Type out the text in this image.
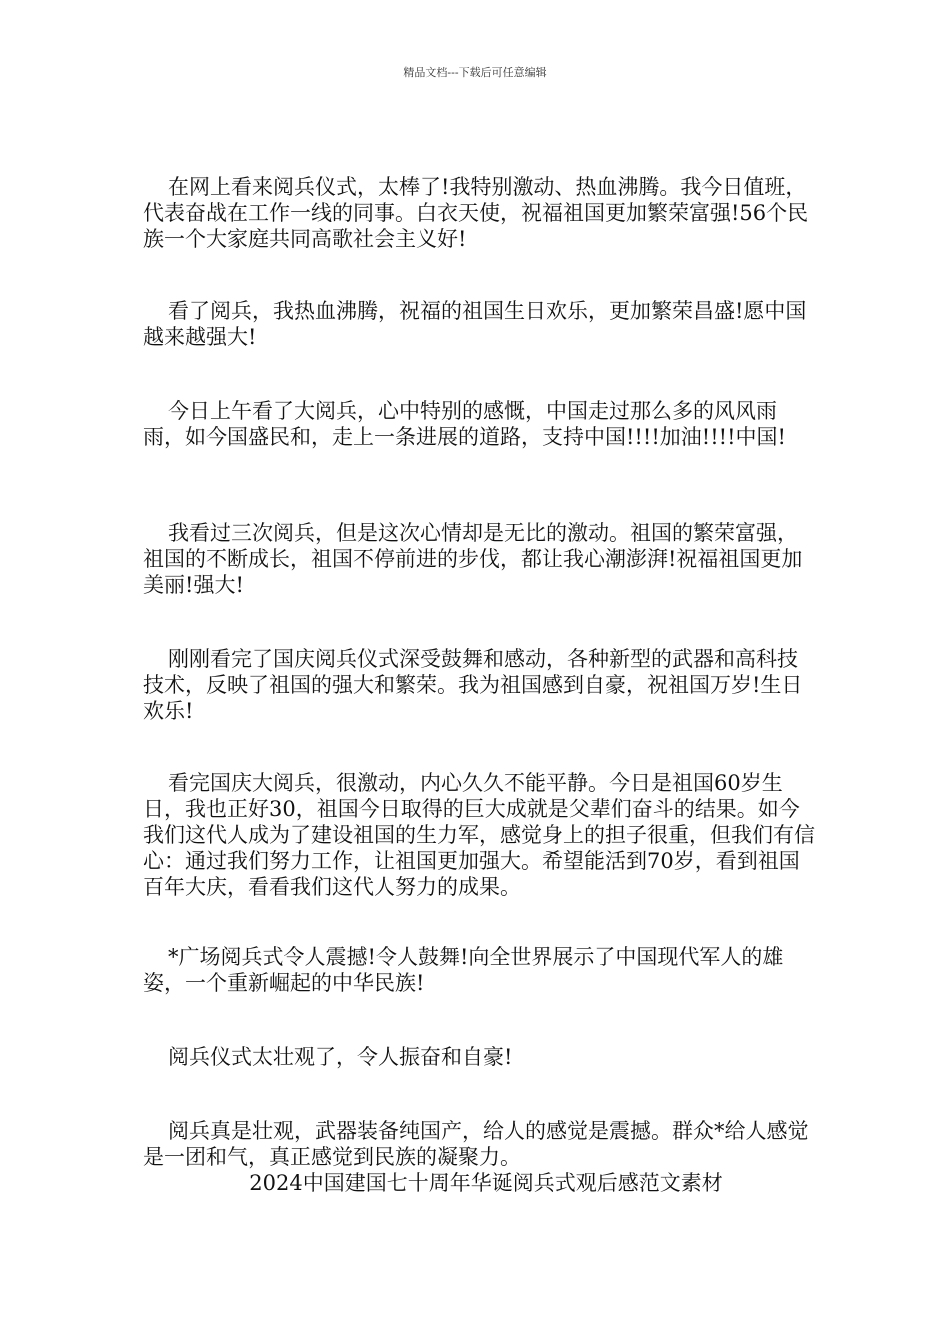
精品文档---下载后可任意编辑

在网上看来阅兵仪式，太棒了!我特别激动、热血沸腾。我今日值班，代表奋战在工作一线的同事。白衣天使，祝福祖国更加繁荣富强!56个民族一个大家庭共同高歌社会主义好!

看了阅兵，我热血沸腾，祝福的祖国生日欢乐，更加繁荣昌盛!愿中国越来越强大!

今日上午看了大阅兵，心中特别的感慨，中国走过那么多的风风雨雨，如今国盛民和，走上一条进展的道路，支持中国!!!!加油!!!!中国!

我看过三次阅兵，但是这次心情却是无比的激动。祖国的繁荣富强，祖国的不断成长，祖国不停前进的步伐，都让我心潮澎湃!祝福祖国更加美丽!强大!

刚刚看完了国庆阅兵仪式深受鼓舞和感动，各种新型的武器和高科技技术，反映了祖国的强大和繁荣。我为祖国感到自豪，祝祖国万岁!生日欢乐!

看完国庆大阅兵，很激动，内心久久不能平静。今日是祖国60岁生日，我也正好30，祖国今日取得的巨大成就是父辈们奋斗的结果。如今我们这代人成为了建设祖国的生力军，感觉身上的担子很重，但我们有信心：通过我们努力工作，让祖国更加强大。希望能活到70岁，看到祖国百年大庆，看看我们这代人努力的成果。

*广场阅兵式令人震撼!令人鼓舞!向全世界展示了中国现代军人的雄姿，一个重新崛起的中华民族!

阅兵仪式太壮观了，令人振奋和自豪!

阅兵真是壮观，武器装备纯国产，给人的感觉是震撼。群众*给人感觉是一团和气，真正感觉到民族的凝聚力。

2024中国建国七十周年华诞阅兵式观后感范文素材
